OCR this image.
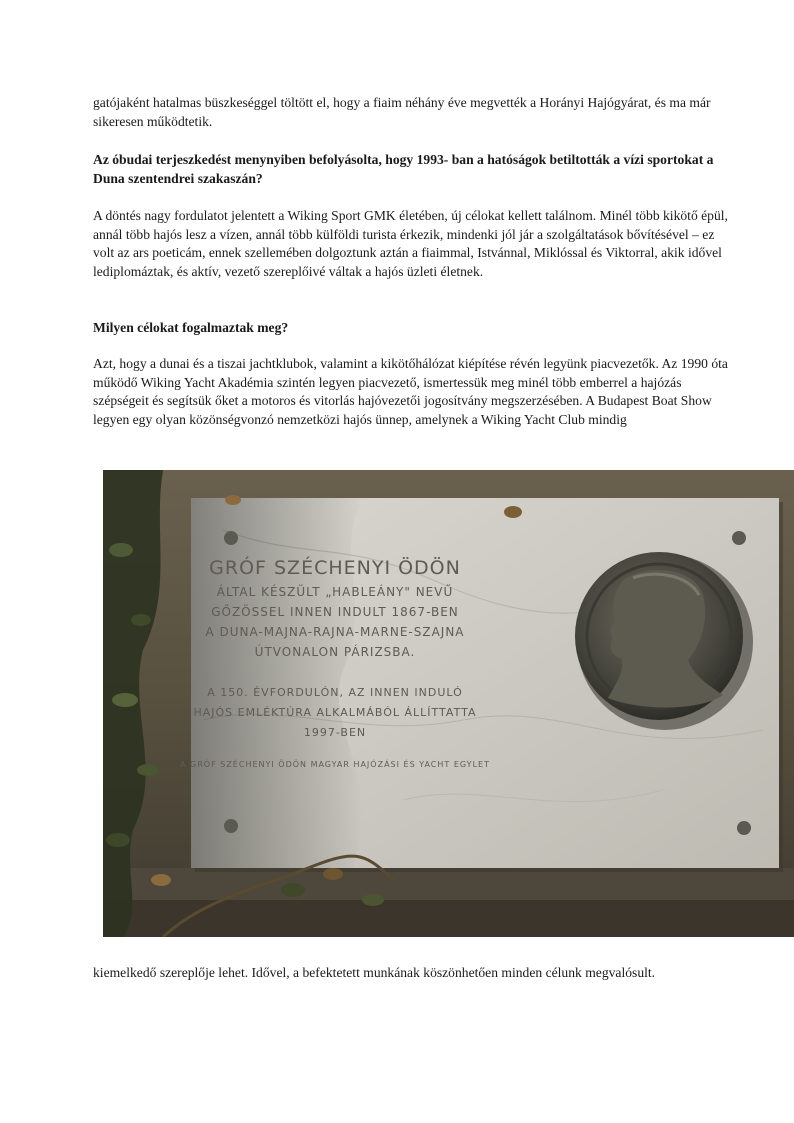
gatójaként hatalmas büszkeséggel töltött el, hogy a fiaim néhány éve megvették a Horányi Hajógyárat, és ma már sikeresen működtetik.

Az óbudai terjeszkedést menynyiben befolyásolta, hogy 1993- ban a hatóságok betiltották a vízi sportokat a Duna szentendrei szakaszán?

A döntés nagy fordulatot jelentett a Wiking Sport GMK életében, új célokat kellett találnom. Minél több kikötő épül, annál több hajós lesz a vízen, annál több külföldi turista érkezik, mindenki jól jár a szolgáltatások bővítésével – ez volt az ars poeticám, ennek szellemében dolgoztunk aztán a fiaimmal, Istvánnal, Miklóssal és Viktorral, akik idővel lediplomáztak, és aktív, vezető szereplőivé váltak a hajós üzleti életnek.

Milyen célokat fogalmaztak meg?

Azt, hogy a dunai és a tiszai jachtklubok, valamint a kikötőhálózat kiépítése révén legyünk piacvezetők. Az 1990 óta működő Wiking Yacht Akadémia szintén legyen piacvezető, ismertessük meg minél több emberrel a hajózás szépségeit és segítsük őket a motoros és vitorlás hajóvezetői jogosítvány megszerzésében. A Budapest Boat Show legyen egy olyan közönségvonzó nemzetközi hajós ünnep, amelynek a Wiking Yacht Club mindig

GRÓF SZÉCHENYI ÖDÖN
ÁLTAL KÉSZÜLT „HABLEÁNY" NEVŰ
GŐZÖSSEL INNEN INDULT 1867-BEN
A DUNA-MAJNA-RAJNA-MARNE-SZAJNA
ÚTVONALON PÁRIZSBA.
A 150. ÉVFORDULÓN, AZ INNEN INDULÓ
HAJÓS EMLÉKTÚRA ALKALMÁBÓL ÁLLÍTTATTA
1997-BEN
A GRÓF SZÉCHENYI ÖDÖN MAGYAR HAJÓZÁSI ÉS YACHT EGYLET

kiemelkedő szereplője lehet. Idővel, a befektetett munkának köszönhetően minden célunk megvalósult.
